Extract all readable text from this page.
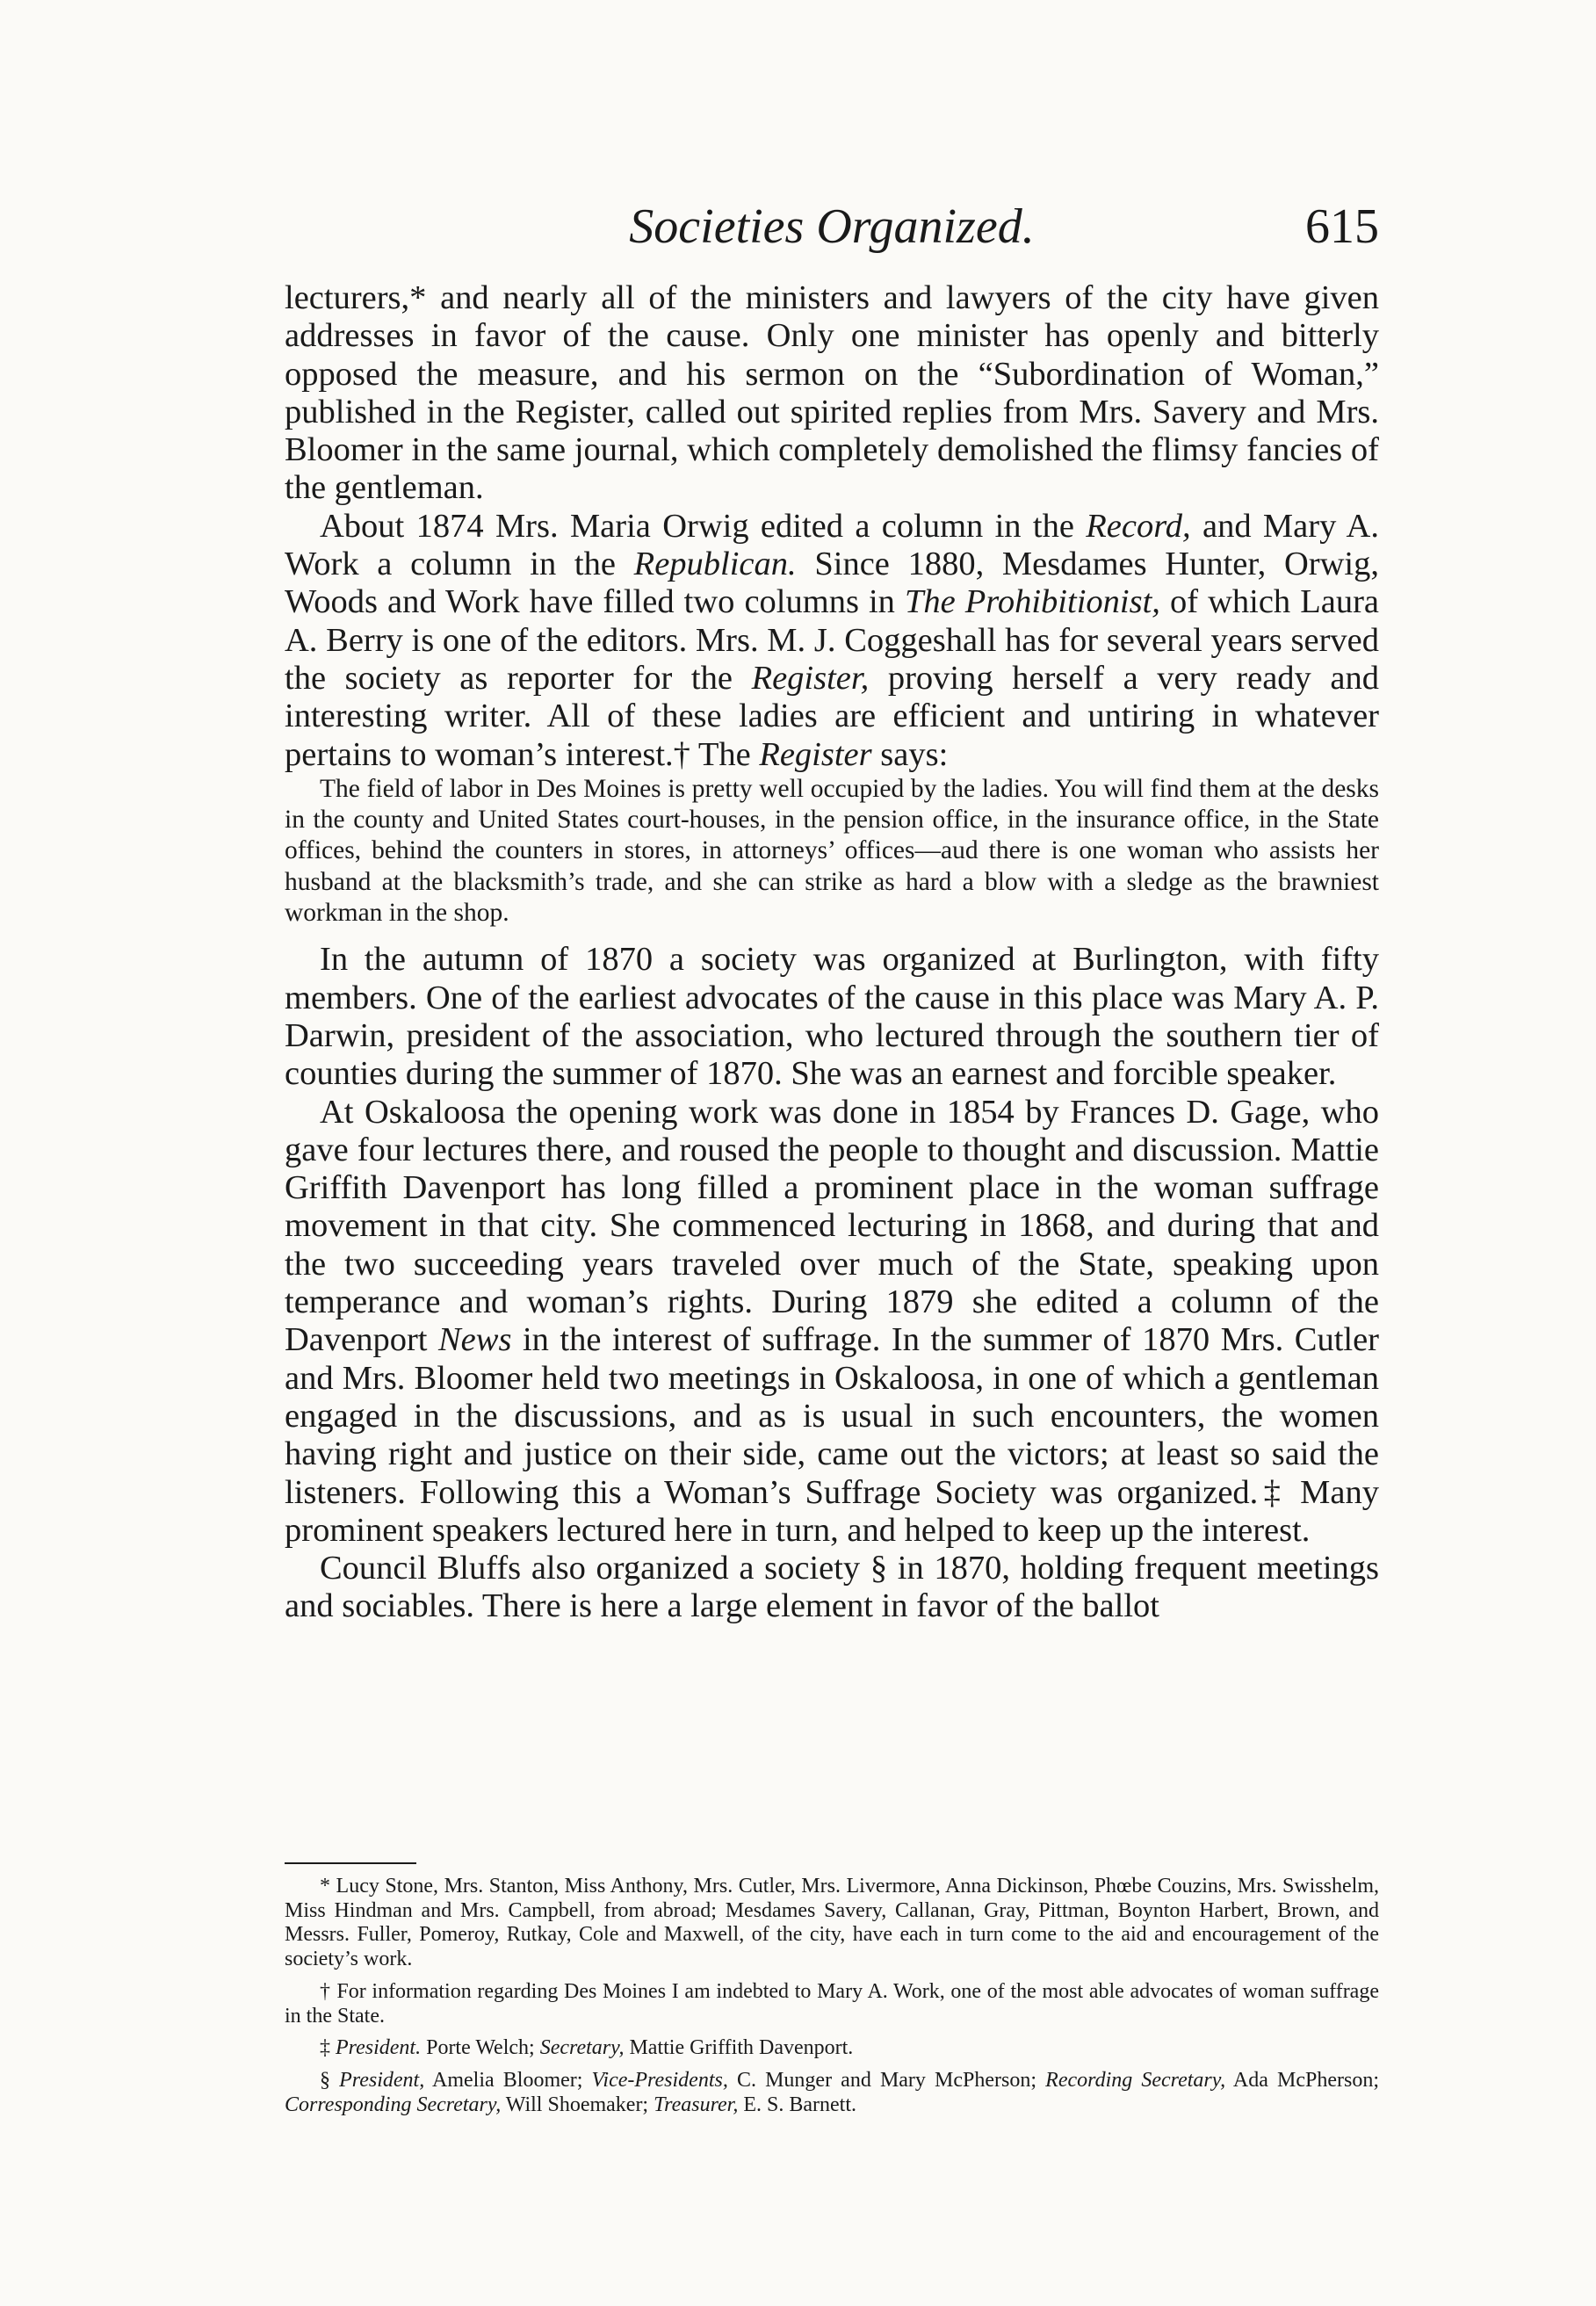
Societies Organized.	615

lecturers,* and nearly all of the ministers and lawyers of the city have given addresses in favor of the cause. Only one minister has openly and bitterly opposed the measure, and his sermon on the “Subordination of Woman,” published in the Register, called out spirited replies from Mrs. Savery and Mrs. Bloomer in the same journal, which completely demolished the flimsy fancies of the gentleman.

About 1874 Mrs. Maria Orwig edited a column in the Record, and Mary A. Work a column in the Republican. Since 1880, Mesdames Hunter, Orwig, Woods and Work have filled two columns in The Prohibitionist, of which Laura A. Berry is one of the editors. Mrs. M. J. Coggeshall has for several years served the society as reporter for the Register, proving herself a very ready and interesting writer. All of these ladies are efficient and untiring in whatever pertains to woman’s interest.† The Register says:

The field of labor in Des Moines is pretty well occupied by the ladies. You will find them at the desks in the county and United States court-houses, in the pension office, in the insurance office, in the State offices, behind the counters in stores, in attorneys’ offices—aud there is one woman who assists her husband at the blacksmith’s trade, and she can strike as hard a blow with a sledge as the brawniest workman in the shop.

In the autumn of 1870 a society was organized at Burlington, with fifty members. One of the earliest advocates of the cause in this place was Mary A. P. Darwin, president of the association, who lectured through the southern tier of counties during the summer of 1870. She was an earnest and forcible speaker.

At Oskaloosa the opening work was done in 1854 by Frances D. Gage, who gave four lectures there, and roused the people to thought and discussion. Mattie Griffith Davenport has long filled a prominent place in the woman suffrage movement in that city. She commenced lecturing in 1868, and during that and the two succeeding years traveled over much of the State, speaking upon temperance and woman’s rights. During 1879 she edited a column of the Davenport News in the interest of suffrage. In the summer of 1870 Mrs. Cutler and Mrs. Bloomer held two meetings in Oskaloosa, in one of which a gentleman engaged in the discussions, and as is usual in such encounters, the women having right and justice on their side, came out the victors; at least so said the listeners. Following this a Woman’s Suffrage Society was organized.‡ Many prominent speakers lectured here in turn, and helped to keep up the interest.

Council Bluffs also organized a society § in 1870, holding frequent meetings and sociables. There is here a large element in favor of the ballot

* Lucy Stone, Mrs. Stanton, Miss Anthony, Mrs. Cutler, Mrs. Livermore, Anna Dickinson, Phœbe Couzins, Mrs. Swisshelm, Miss Hindman and Mrs. Campbell, from abroad; Mesdames Savery, Callanan, Gray, Pittman, Boynton Harbert, Brown, and Messrs. Fuller, Pomeroy, Rutkay, Cole and Maxwell, of the city, have each in turn come to the aid and encouragement of the society’s work.

† For information regarding Des Moines I am indebted to Mary A. Work, one of the most able advocates of woman suffrage in the State.

‡ President. Porte Welch; Secretary, Mattie Griffith Davenport.

§ President, Amelia Bloomer; Vice-Presidents, C. Munger and Mary McPherson; Recording Secretary, Ada McPherson; Corresponding Secretary, Will Shoemaker; Treasurer, E. S. Barnett.
